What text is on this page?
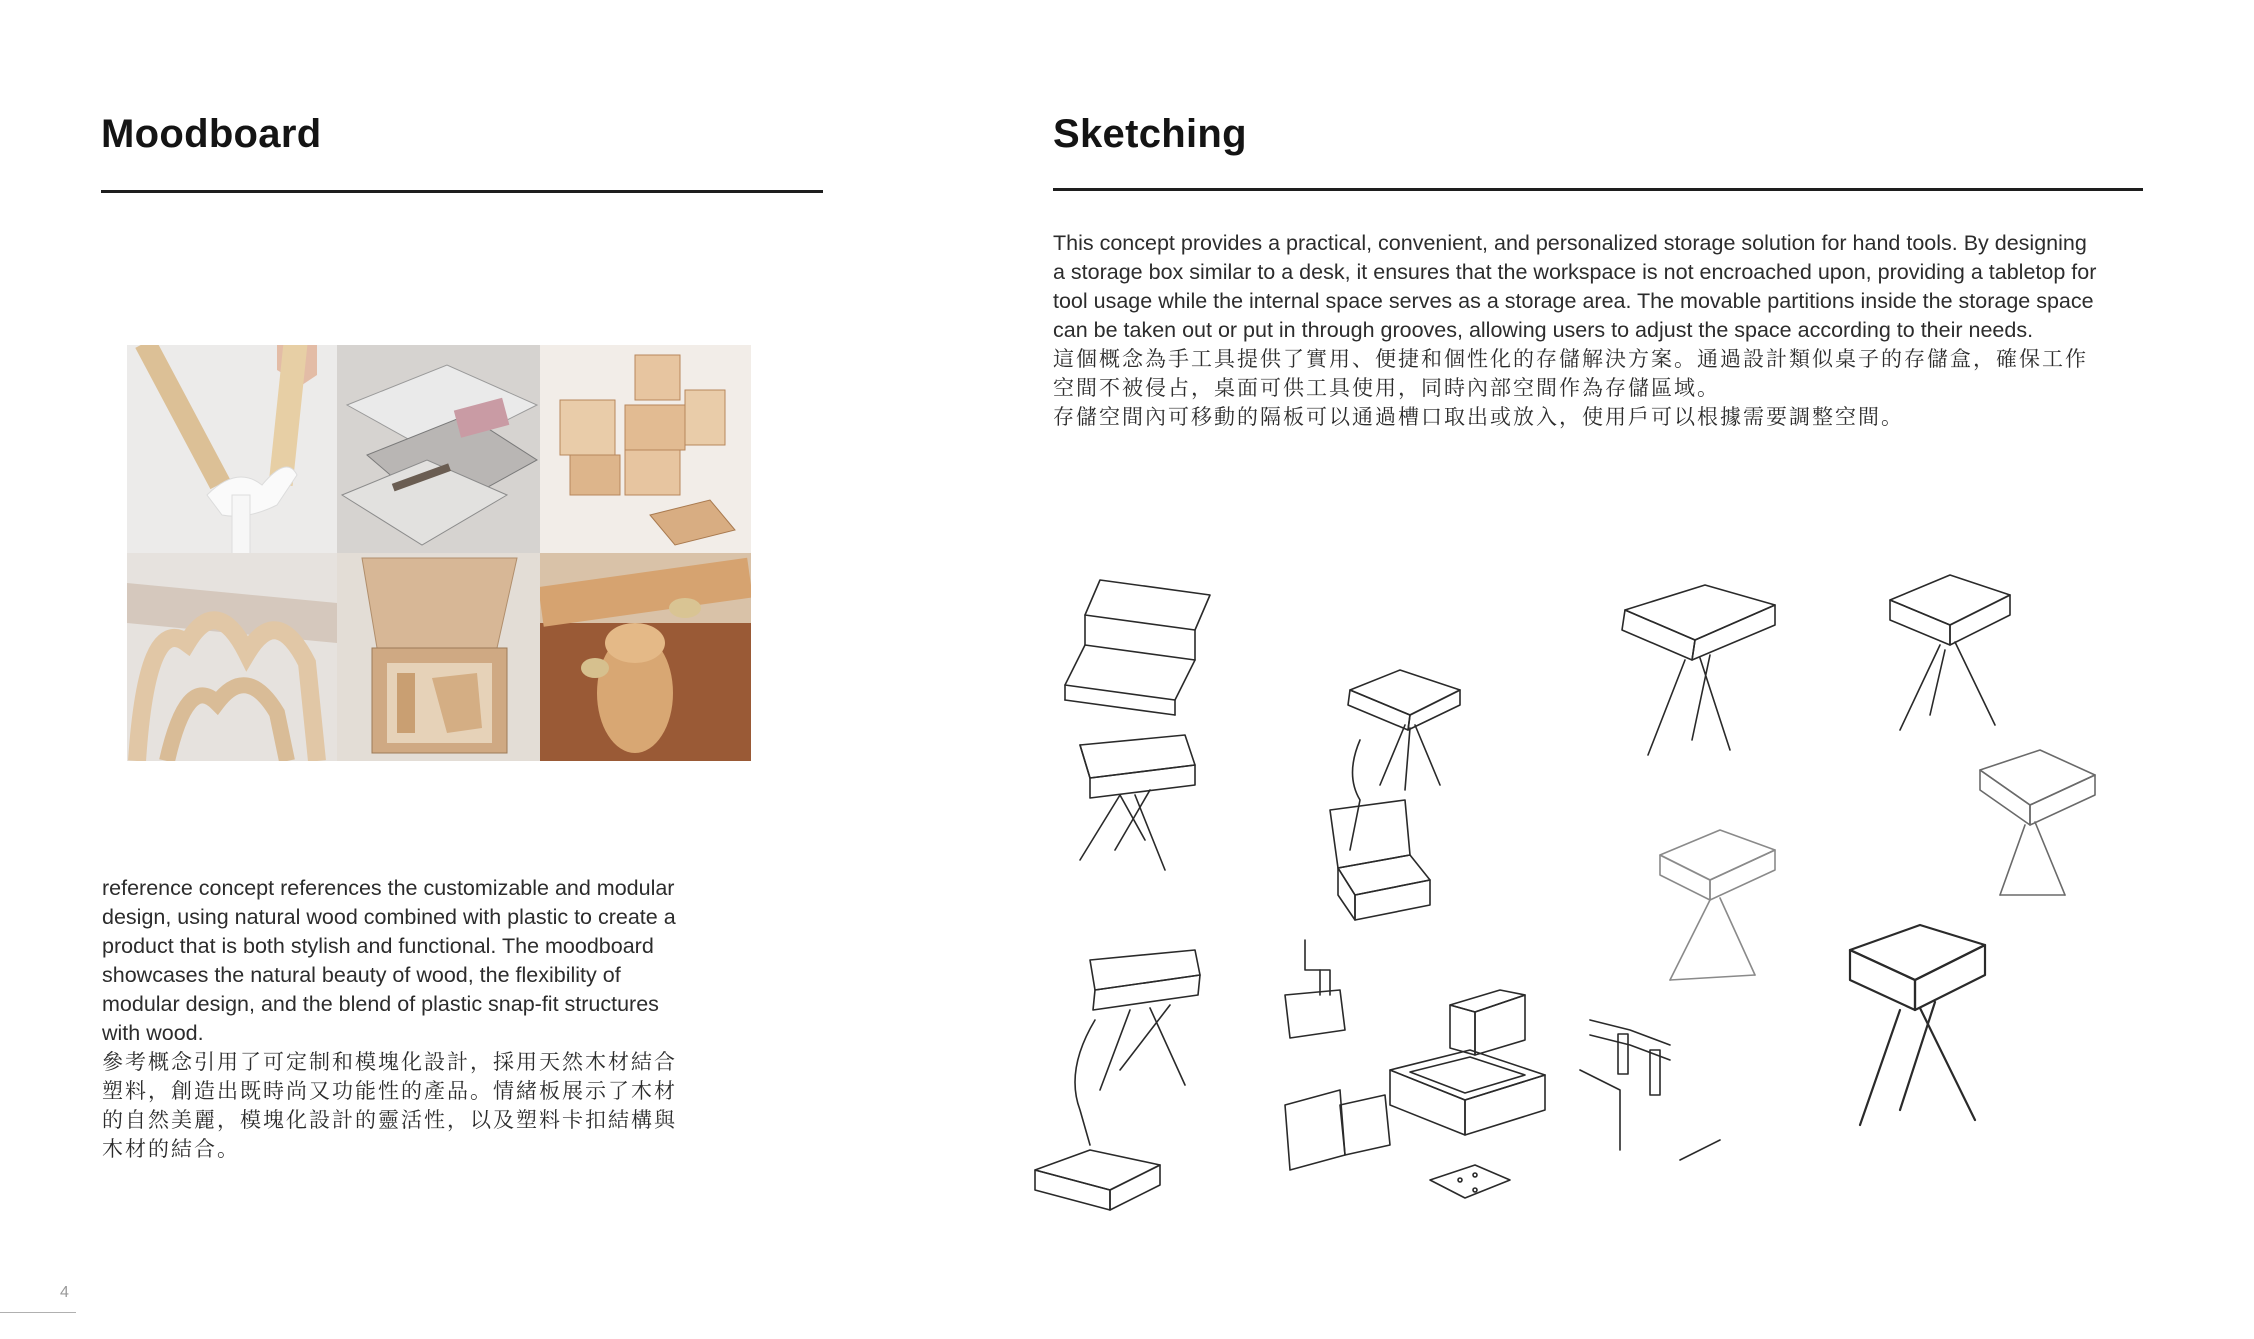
Moodboard

reference concept references the customizable and modular design, using natural wood combined with plastic to create a product that is both stylish and functional. The moodboard showcases the natural beauty of wood, the flexibility of modular design, and the blend of plastic snap-fit structures with wood.

參考概念引用了可定制和模塊化設計，採用天然木材結合塑料，創造出既時尚又功能性的產品。情緒板展示了木材的自然美麗，模塊化設計的靈活性，以及塑料卡扣結構與木材的結合。

Sketching

This concept provides a practical, convenient, and personalized storage solution for hand tools. By designing a storage box similar to a desk, it ensures that the workspace is not encroached upon, providing a tabletop for tool usage while the internal space serves as a storage area. The movable partitions inside the storage space can be taken out or put in through grooves, allowing users to adjust the space according to their needs.

這個概念為手工具提供了實用、便捷和個性化的存儲解決方案。通過設計類似桌子的存儲盒，確保工作空間不被侵占，桌面可供工具使用，同時內部空間作為存儲區域。

存儲空間內可移動的隔板可以通過槽口取出或放入，使用戶可以根據需要調整空間。

4
